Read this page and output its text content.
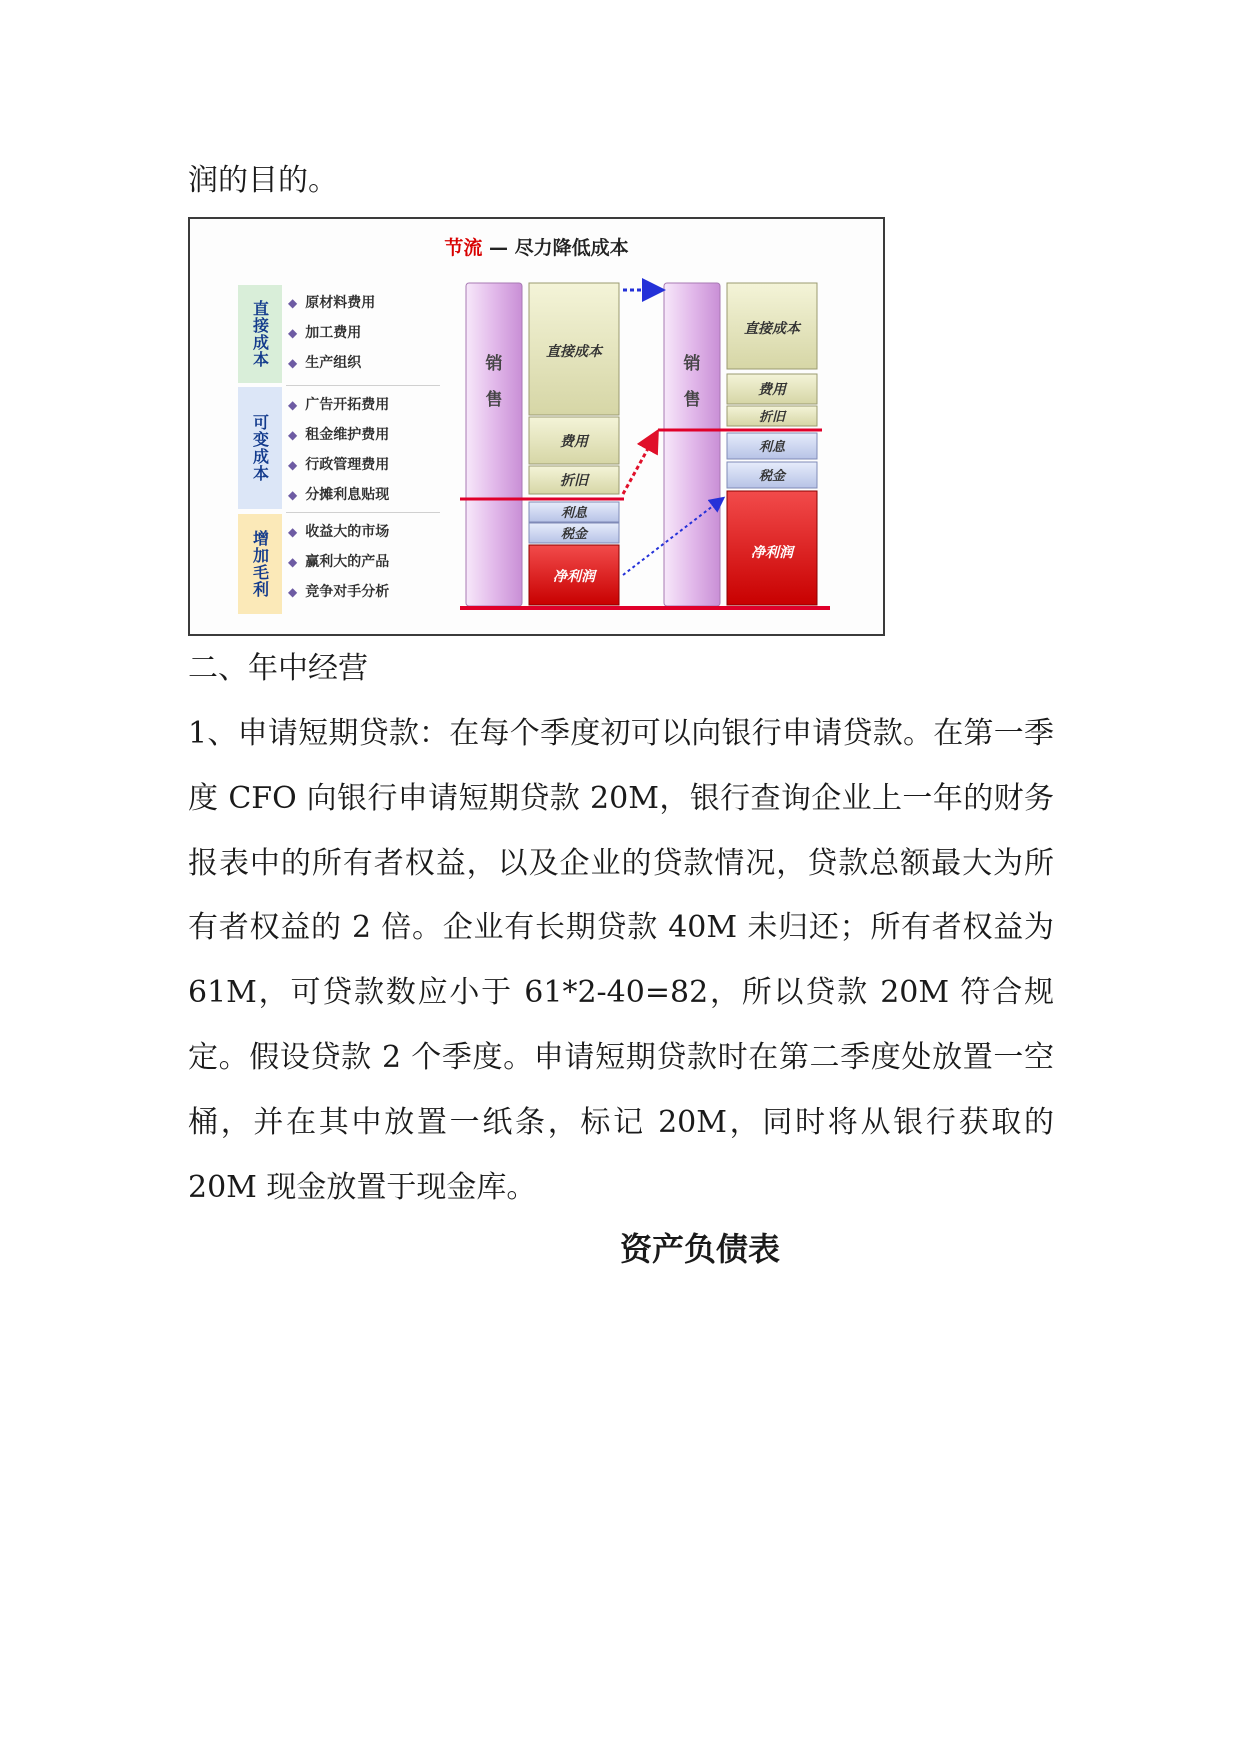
润的目的。

节流 — 尽力降低成本
直接成本
可变成本
增加毛利
◆ 原材料费用
◆ 加工费用
◆ 生产组织
◆ 广告开拓费用
◆ 租金维护费用
◆ 行政管理费用
◆ 分摊利息贴现
◆ 收益大的市场
◆ 赢利大的产品
◆ 竞争对手分析
销售
直接成本
费用
折旧
利息
税金
净利润
销售
直接成本
费用
折旧
利息
税金
净利润

二、年中经营

1、申请短期贷款：在每个季度初可以向银行申请贷款。在第一季度 CFO 向银行申请短期贷款 20M，银行查询企业上一年的财务报表中的所有者权益，以及企业的贷款情况，贷款总额最大为所有者权益的 2 倍。企业有长期贷款 40M 未归还；所有者权益为 61M，可贷款数应小于 61*2-40=82，所以贷款 20M 符合规定。假设贷款 2 个季度。申请短期贷款时在第二季度处放置一空桶，并在其中放置一纸条，标记 20M，同时将从银行获取的 20M 现金放置于现金库。

资产负债表
